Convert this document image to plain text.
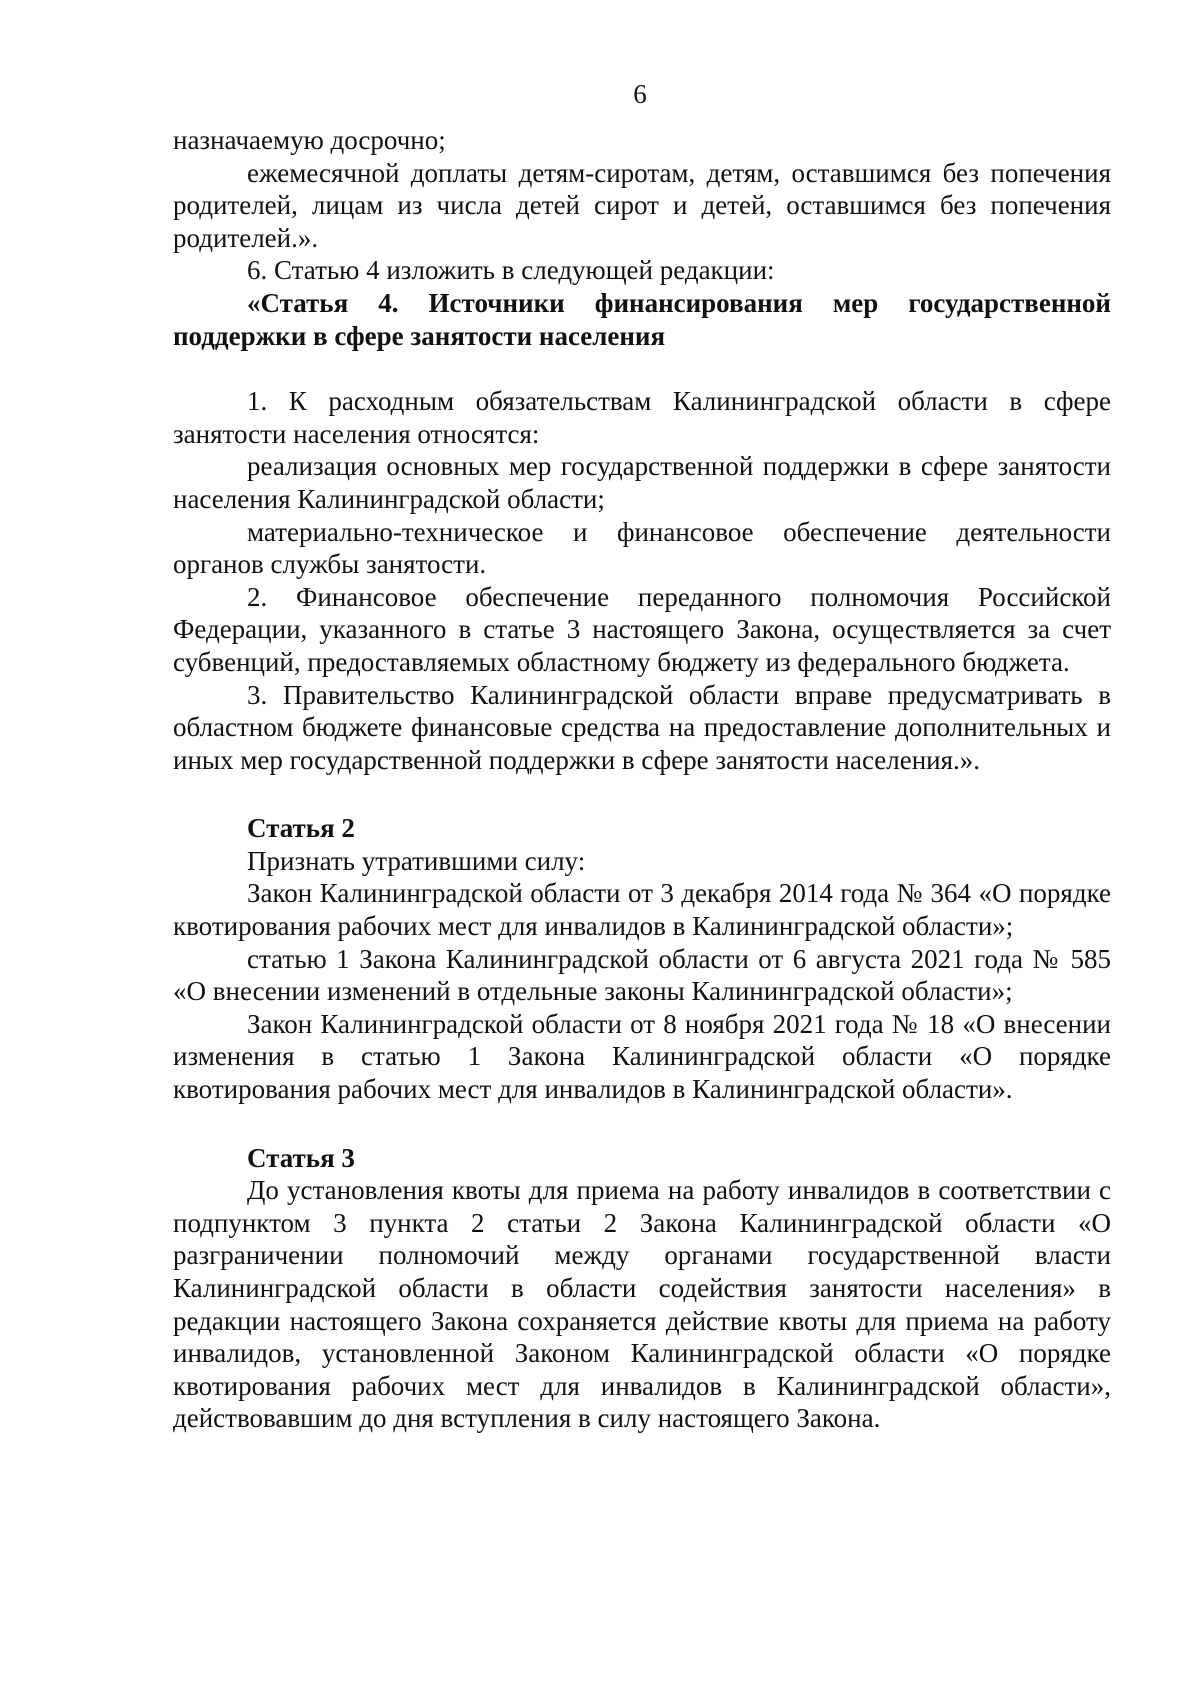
6

назначаемую досрочно;

ежемесячной доплаты детям-сиротам, детям, оставшимся без попечения родителей, лицам из числа детей сирот и детей, оставшимся без попечения родителей.».

6. Статью 4 изложить в следующей редакции:

«Статья 4. Источники финансирования мер государственной поддержки в сфере занятости населения

1. К расходным обязательствам Калининградской области в сфере занятости населения относятся:

реализация основных мер государственной поддержки в сфере занятости населения Калининградской области;

материально-техническое и финансовое обеспечение деятельности органов службы занятости.

2. Финансовое обеспечение переданного полномочия Российской Федерации, указанного в статье 3 настоящего Закона, осуществляется за счет субвенций, предоставляемых областному бюджету из федерального бюджета.

3. Правительство Калининградской области вправе предусматривать в областном бюджете финансовые средства на предоставление дополнительных и иных мер государственной поддержки в сфере занятости населения.».

Статья 2

Признать утратившими силу:

Закон Калининградской области от 3 декабря 2014 года № 364 «О порядке квотирования рабочих мест для инвалидов в Калининградской области»;

статью 1 Закона Калининградской области от 6 августа 2021 года № 585 «О внесении изменений в отдельные законы Калининградской области»;

Закон Калининградской области от 8 ноября 2021 года № 18 «О внесении изменения в статью 1 Закона Калининградской области «О порядке квотирования рабочих мест для инвалидов в Калининградской области».

Статья 3

До установления квоты для приема на работу инвалидов в соответствии с подпунктом 3 пункта 2 статьи 2 Закона Калининградской области «О разграничении полномочий между органами государственной власти Калининградской области в области содействия занятости населения» в редакции настоящего Закона сохраняется действие квоты для приема на работу инвалидов, установленной Законом Калининградской области «О порядке квотирования рабочих мест для инвалидов в Калининградской области», действовавшим до дня вступления в силу настоящего Закона.
